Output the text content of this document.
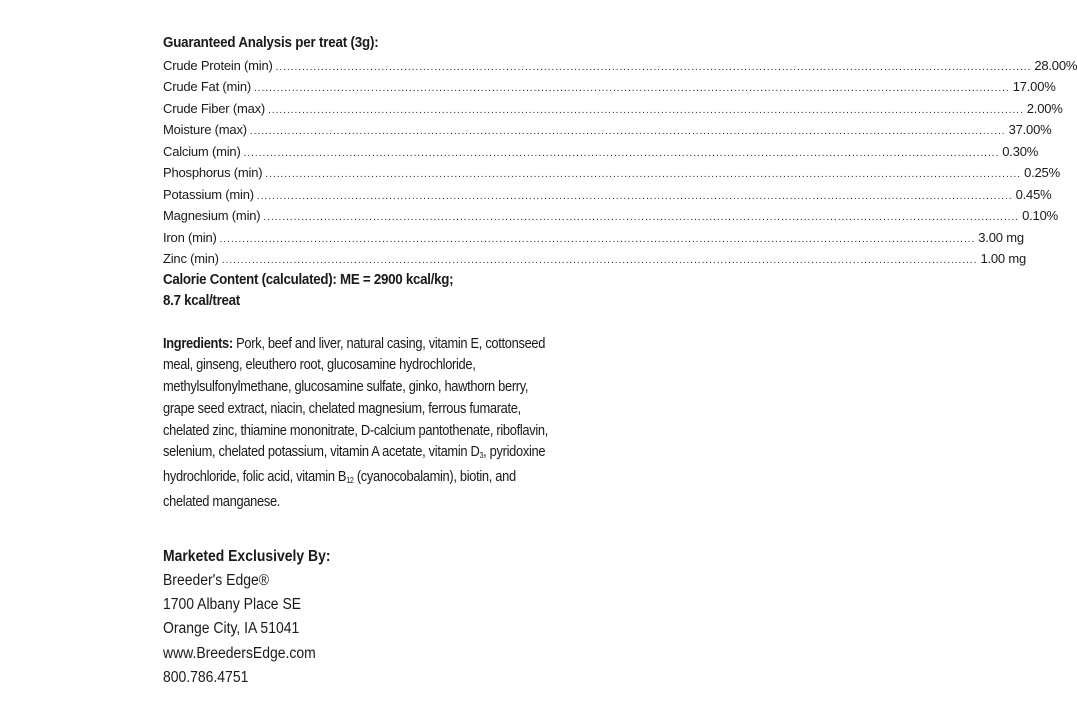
Guaranteed Analysis per treat (3g):
Crude Protein (min) ........................................................................................................................................................................................................ 28.00%
Crude Fat (min) ........................................................................................................................................................................................................ 17.00%
Crude Fiber (max) ........................................................................................................................................................................................................ 2.00%
Moisture (max) ........................................................................................................................................................................................................ 37.00%
Calcium (min) ........................................................................................................................................................................................................ 0.30%
Phosphorus (min) ........................................................................................................................................................................................................ 0.25%
Potassium (min) ........................................................................................................................................................................................................ 0.45%
Magnesium (min) ........................................................................................................................................................................................................ 0.10%
Iron (min) ........................................................................................................................................................................................................ 3.00 mg
Zinc (min) ........................................................................................................................................................................................................ 1.00 mg
Calorie Content (calculated): ME = 2900 kcal/kg;
8.7 kcal/treat
Ingredients: Pork, beef and liver, natural casing, vitamin E, cottonseed meal, ginseng, eleuthero root, glucosamine hydrochloride, methylsulfonylmethane, glucosamine sulfate, ginko, hawthorn berry, grape seed extract, niacin, chelated magnesium, ferrous fumarate, chelated zinc, thiamine mononitrate, D-calcium pantothenate, riboflavin, selenium, chelated potassium, vitamin A acetate, vitamin $D_3$, pyridoxine hydrochloride, folic acid, vitamin $B_{12}$ (cyanocobalamin), biotin, and chelated manganese.
Marketed Exclusively By:
Breeder's Edge®
1700 Albany Place SE
Orange City, IA 51041
www.BreedersEdge.com
800.786.4751
